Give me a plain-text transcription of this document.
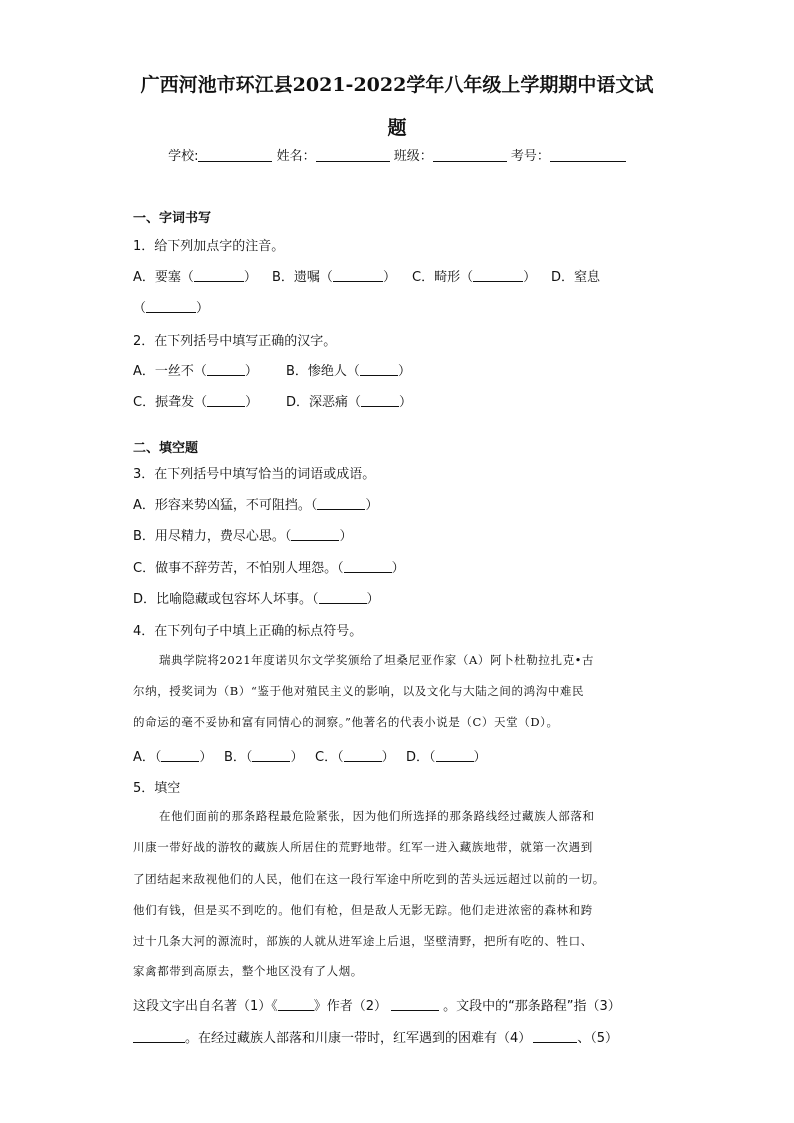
广西河池市环江县2021-2022学年八年级上学期期中语文试
题
学校:	姓名：	班级：	考号：
一、字词书写
1．给下列加点字的注音。
A．要塞 （  ）	B．遗嘱 （  ）	C．畸形 （  ）	D．窒息
（  ）
2．在下列括号中填写正确的汉字。
A．一丝不 （  ）	B．惨绝人（  ）
C．振聋发 （  ）	D．深恶痛（  ）
二、填空题
3．在下列括号中填写恰当的词语或成语。
A．形容来势凶猛，不可阻挡。（  ）
B．用尽精力，费尽心思。（  ）
C．做事不辞劳苦，不怕别人埋怨。（  ）
D．比喻隐藏或包容坏人坏事。（  ）
4．在下列句子中填上正确的标点符号。
瑞典学院将2021年度诺贝尔文学奖颁给了坦桑尼亚作家（A）阿卜杜勒拉扎克•古
尔纳，授奖词为（B）“鉴于他对殖民主义的影响，以及文化与大陆之间的鸿沟中难民
的命运的毫不妥协和富有同情心的洞察。”他著名的代表小说是（C）天堂（D）。
A． （  ）	B． （  ）	C． （  ）	D．（  ）
5．填空
在他们面前的那条路程最危险紧张，因为他们所选择的那条路线经过藏族人部落和
川康一带好战的游牧的藏族人所居住的荒野地带。红军一进入藏族地带，就第一次遇到
了团结起来敌视他们的人民，他们在这一段行军途中所吃到的苦头远远超过以前的一切。
他们有钱，但是买不到吃的。他们有枪，但是敌人无影无踪。他们走进浓密的森林和跨
过十几条大河的源流时，部族的人就从进军途上后退，坚壁清野，把所有吃的、牲口、
家禽都带到高原去，整个地区没有了人烟。
这段文字出自名著（1）《	》作者（2）	。文段中的“那条路程”指（3）
。在经过藏族人部落和川康一带时，红军遇到的困难有（4）	、（5）
